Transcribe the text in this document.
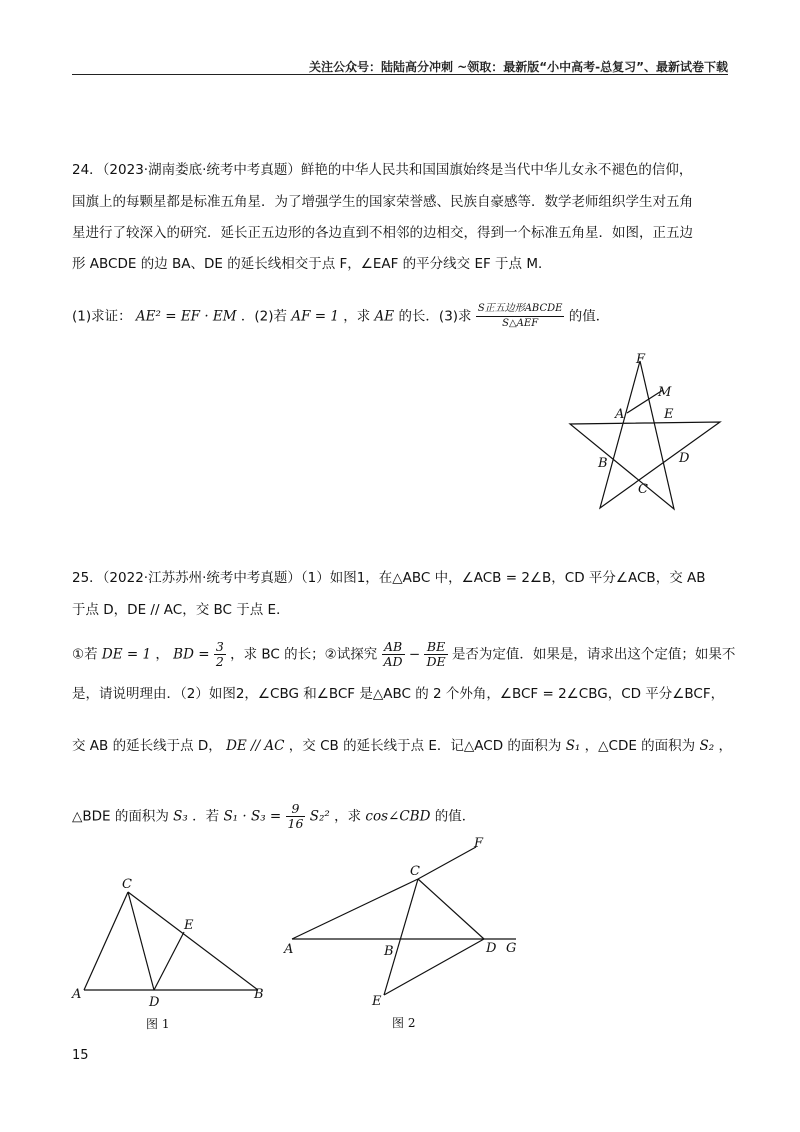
关注公众号：陆陆高分冲刺 ~领取：最新版“小中高考-总复习”、最新试卷下载
24．（2023·湖南娄底·统考中考真题）鲜艳的中华人民共和国国旗始终是当代中华儿女永不褪色的信仰，
国旗上的每颗星都是标准五角星．为了增强学生的国家荣誉感、民族自豪感等．数学老师组织学生对五角
星进行了较深入的研究．延长正五边形的各边直到不相邻的边相交，得到一个标准五角星．如图，正五边
形 ABCDE 的边 BA、DE 的延长线相交于点 F，∠EAF 的平分线交 EF 于点 M．
(1)求证： AE² = EF · EM ．(2)若 AF = 1 ，求 AE 的长．(3)求 $\frac{\text{S正五边形ABCDE}}{\text{S△AEF}}$ 的值．
F
M
A	E
B	D
C
25．（2022·江苏苏州·统考中考真题）（1）如图1，在△ABC 中，∠ACB = 2∠B，CD 平分∠ACB，交 AB
于点 D，DE // AC，交 BC 于点 E．
①若 DE = 1 ， BD = $\frac{3}{2}$ ，求 BC 的长；②试探究 $\frac{AB}{AD} - \frac{BE}{DE}$ 是否为定值．如果是，请求出这个定值；如果不
是，请说明理由．（2）如图2，∠CBG 和∠BCF 是△ABC 的 2 个外角，∠BCF = 2∠CBG，CD 平分∠BCF，
交 AB 的延长线于点 D， DE // AC ，交 CB 的延长线于点 E．记△ACD 的面积为 S₁ ，△CDE 的面积为 S₂ ，
△BDE 的面积为 S₃ ．若 $S_1 \cdot S_3 = \frac{9}{16} S_2^2$ ，求 cos∠CBD 的值．
C
E
A
D
B
图 1
F
C
A	B	D G
E
图 2
15
